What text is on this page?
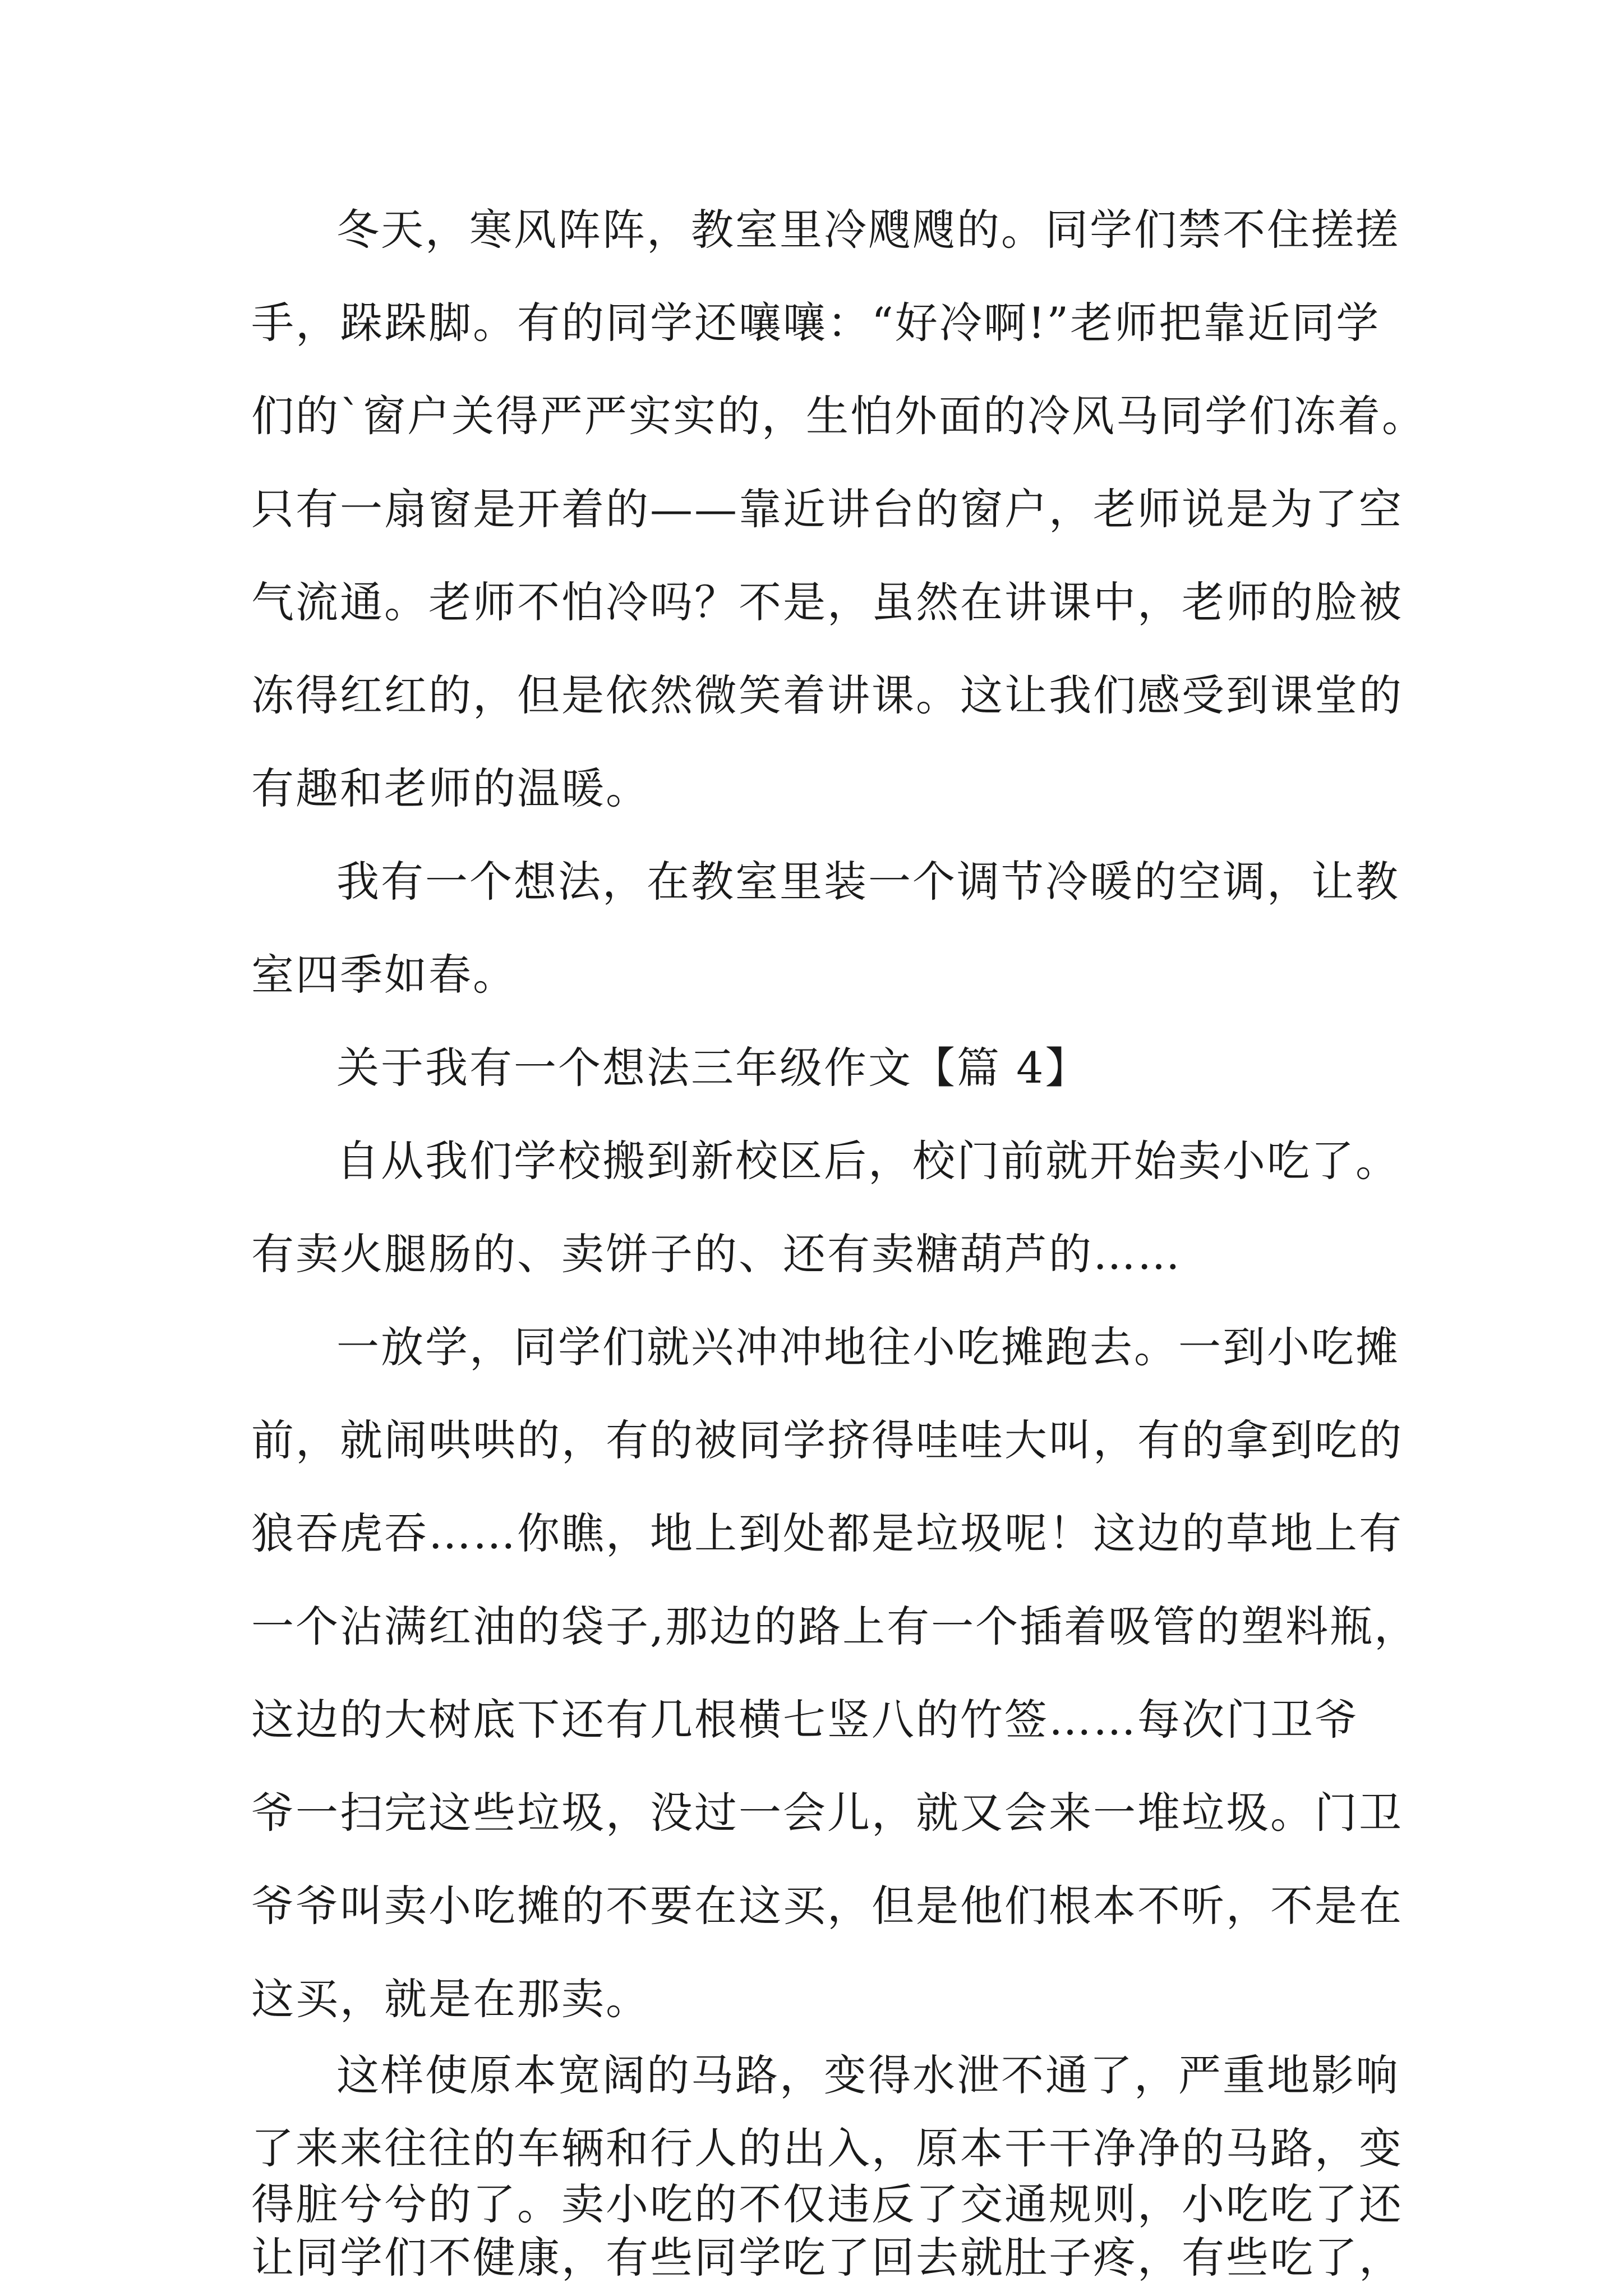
冬天，寒风阵阵，教室里冷飕飕的。同学们禁不住搓搓
手，跺跺脚。有的同学还嚷嚷：“好冷啊!”老师把靠近同学
们的`窗户关得严严实实的，生怕外面的冷风马同学们冻着。
只有一扇窗是开着的——靠近讲台的窗户，老师说是为了空
气流通。老师不怕冷吗？不是，虽然在讲课中，老师的脸被
冻得红红的，但是依然微笑着讲课。这让我们感受到课堂的
有趣和老师的温暖。
我有一个想法，在教室里装一个调节冷暖的空调，让教
室四季如春。
关于我有一个想法三年级作文【篇 4】
自从我们学校搬到新校区后，校门前就开始卖小吃了。
有卖火腿肠的、卖饼子的、还有卖糖葫芦的……
一放学，同学们就兴冲冲地往小吃摊跑去。一到小吃摊
前，就闹哄哄的，有的被同学挤得哇哇大叫，有的拿到吃的
狼吞虎吞……你瞧，地上到处都是垃圾呢！这边的草地上有
一个沾满红油的袋子,那边的路上有一个插着吸管的塑料瓶，
这边的大树底下还有几根横七竖八的竹签……每次门卫爷
爷一扫完这些垃圾，没过一会儿，就又会来一堆垃圾。门卫
爷爷叫卖小吃摊的不要在这买，但是他们根本不听，不是在
这买，就是在那卖。
这样使原本宽阔的马路，变得水泄不通了，严重地影响
了来来往往的车辆和行人的出入，原本干干净净的马路，变
得脏兮兮的了。卖小吃的不仅违反了交通规则，小吃吃了还
让同学们不健康，有些同学吃了回去就肚子疼，有些吃了，
